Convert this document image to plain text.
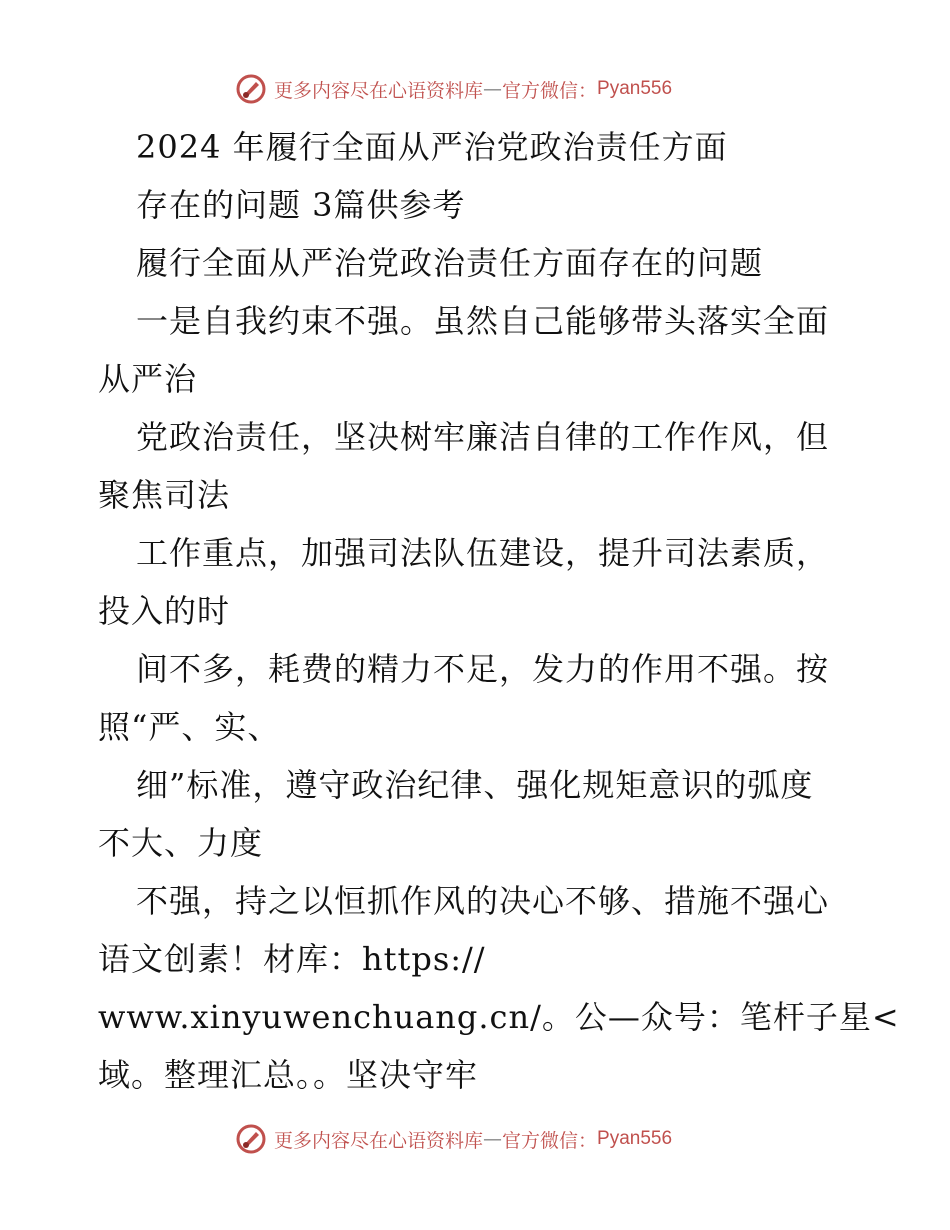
更多内容尽在心语资料库 — 官方微信： Pyan556
2024 年履行全面从严治党政治责任方面
存在的问题 3篇供参考
履行全面从严治党政治责任方面存在的问题
一是自我约束不强。虽然自己能够带头落实全面
从严治
党政治责任，坚决树牢廉洁自律的工作作风，但
聚焦司法
工作重点，加强司法队伍建设，提升司法素质，
投入的时
间不多，耗费的精力不足，发力的作用不强。按
照“严、实、
细”标准，遵守政治纪律、强化规矩意识的弧度
不大、力度
不强，持之以恒抓作风的决心不够、措施不强心
语文创素！材库：https://
www.xinyuwenchuang.cn/。公—众号：笔杆子星<
域。整理汇总。。坚决守牢
更多内容尽在心语资料库 — 官方微信： Pyan556
